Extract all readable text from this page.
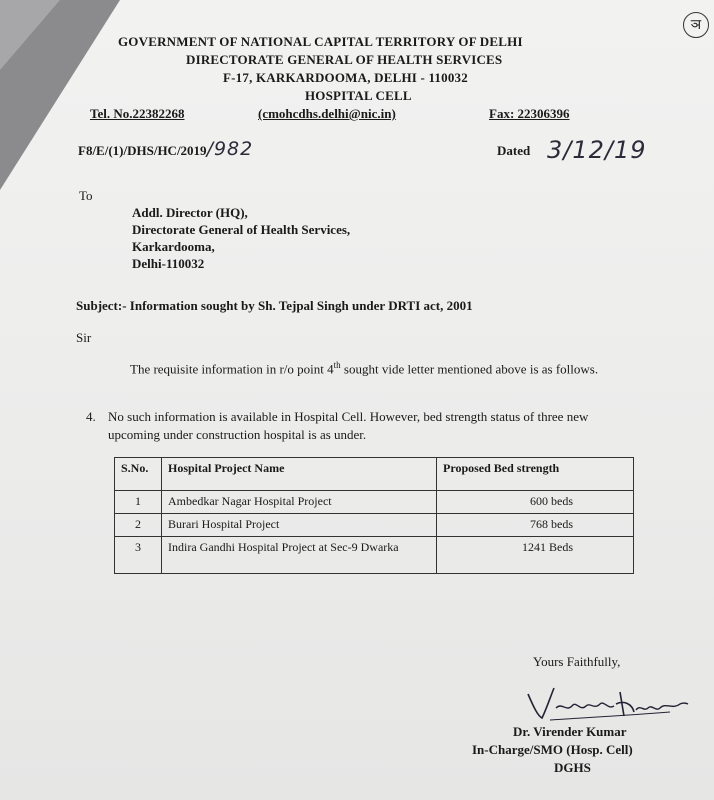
ञ
GOVERNMENT OF NATIONAL CAPITAL TERRITORY OF DELHI
DIRECTORATE GENERAL OF HEALTH SERVICES
F-17, KARKARDOOMA, DELHI - 110032
HOSPITAL CELL
Tel. No.22382268	(cmohcdhs.delhi@nic.in)	Fax: 22306396
F8/E/(1)/DHS/HC/2019/982	Dated 3/12/19
To
Addl. Director (HQ),
Directorate General of Health Services,
Karkardooma,
Delhi-110032
Subject:- Information sought by Sh. Tejpal Singh under DRTI act, 2001
Sir
The requisite information in r/o point 4th sought vide letter mentioned above is as follows.
4. No such information is available in Hospital Cell. However, bed strength status of three new
upcoming under construction hospital is as under.
S.No.	Hospital Project Name	Proposed Bed strength
1	Ambedkar Nagar Hospital Project	600 beds
2	Burari Hospital Project	768 beds
3	Indira Gandhi Hospital Project at Sec-9 Dwarka	1241 Beds
Yours Faithfully,
Dr. Virender Kumar
In-Charge/SMO (Hosp. Cell)
DGHS
